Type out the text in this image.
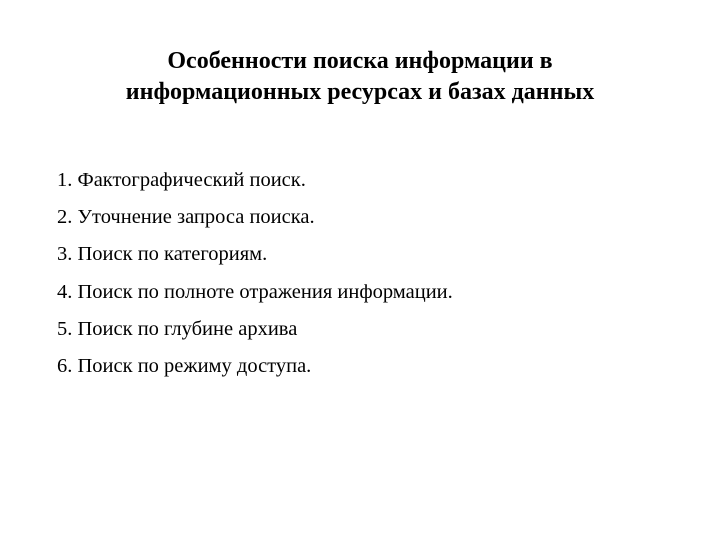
Особенности поиска информации в
информационных ресурсах и базах данных
1. Фактографический поиск.
2. Уточнение запроса поиска.
3. Поиск по категориям.
4. Поиск по полноте отражения информации.
5. Поиск по глубине архива
6. Поиск по режиму доступа.
